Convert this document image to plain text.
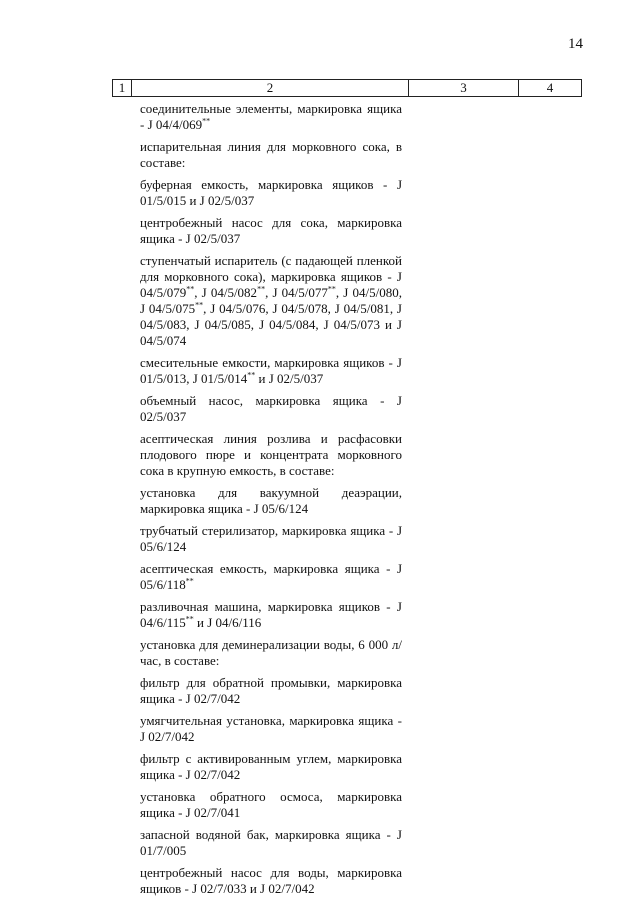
14
1	2	3	4
соединительные элементы, маркировка ящика - J 04/4/069**
испарительная линия для морковного сока, в составе:
буферная емкость, маркировка ящиков - J 01/5/015 и J 02/5/037
центробежный насос для сока, маркировка ящика - J 02/5/037
ступенчатый испаритель (с падающей пленкой для морковного сока), маркировка ящиков - J 04/5/079**, J 04/5/082**, J 04/5/077**, J 04/5/080, J 04/5/075**, J 04/5/076, J 04/5/078, J 04/5/081, J 04/5/083, J 04/5/085, J 04/5/084, J 04/5/073 и J 04/5/074
смесительные емкости, маркировка ящиков - J 01/5/013, J 01/5/014** и J 02/5/037
объемный насос, маркировка ящика - J 02/5/037
асептическая линия розлива и расфасовки плодового пюре и концентрата морковного сока в крупную емкость, в составе:
установка для вакуумной деаэрации, маркировка ящика - J 05/6/124
трубчатый стерилизатор, маркировка ящика - J 05/6/124
асептическая емкость, маркировка ящика - J 05/6/118**
разливочная машина, маркировка ящиков - J 04/6/115** и J 04/6/116
установка для деминерализации воды, 6 000 л/час, в составе:
фильтр для обратной промывки, маркировка ящика - J 02/7/042
умягчительная установка, маркировка ящика - J 02/7/042
фильтр с активированным углем, маркировка ящика - J 02/7/042
установка обратного осмоса, маркировка ящика - J 02/7/041
запасной водяной бак, маркировка ящика - J 01/7/005
центробежный насос для воды, маркировка ящиков - J 02/7/033 и J 02/7/042
